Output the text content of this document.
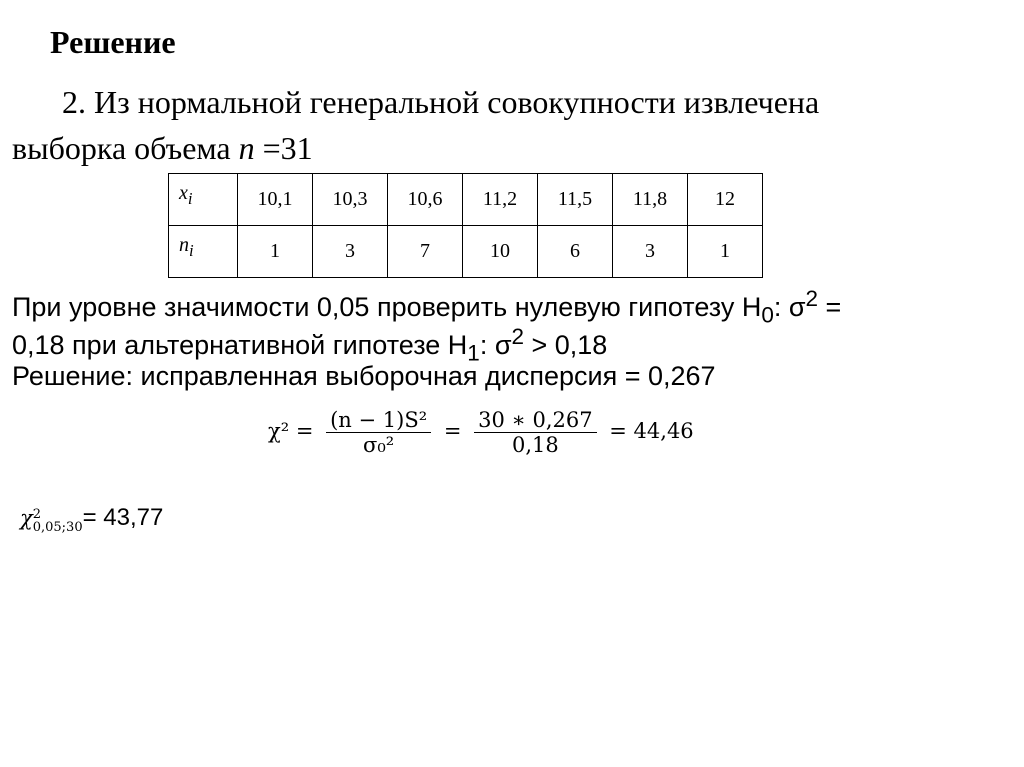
Решение
2. Из нормальной генеральной совокупности извлечена
выборка объема n =31
$x_i$	10,1	10,3	10,6	11,2	11,5	11,8	12
$n_i$	1	3	7	10	6	3	1
При уровне значимости 0,05 проверить нулевую гипотезу $H_0$: $\sigma^2$ =
0,18 при альтернативной гипотезе $H_1$: $\sigma^2 > 0,18$
Решение: исправленная выборочная дисперсия = 0,267
$\chi^2 = \frac{\text{(n − 1)S²}}{\text{σ₀²}} = \frac{30 ∗ 0,267}{0,18} = 44,46$
χ 2
0,05;30 = 43,77
